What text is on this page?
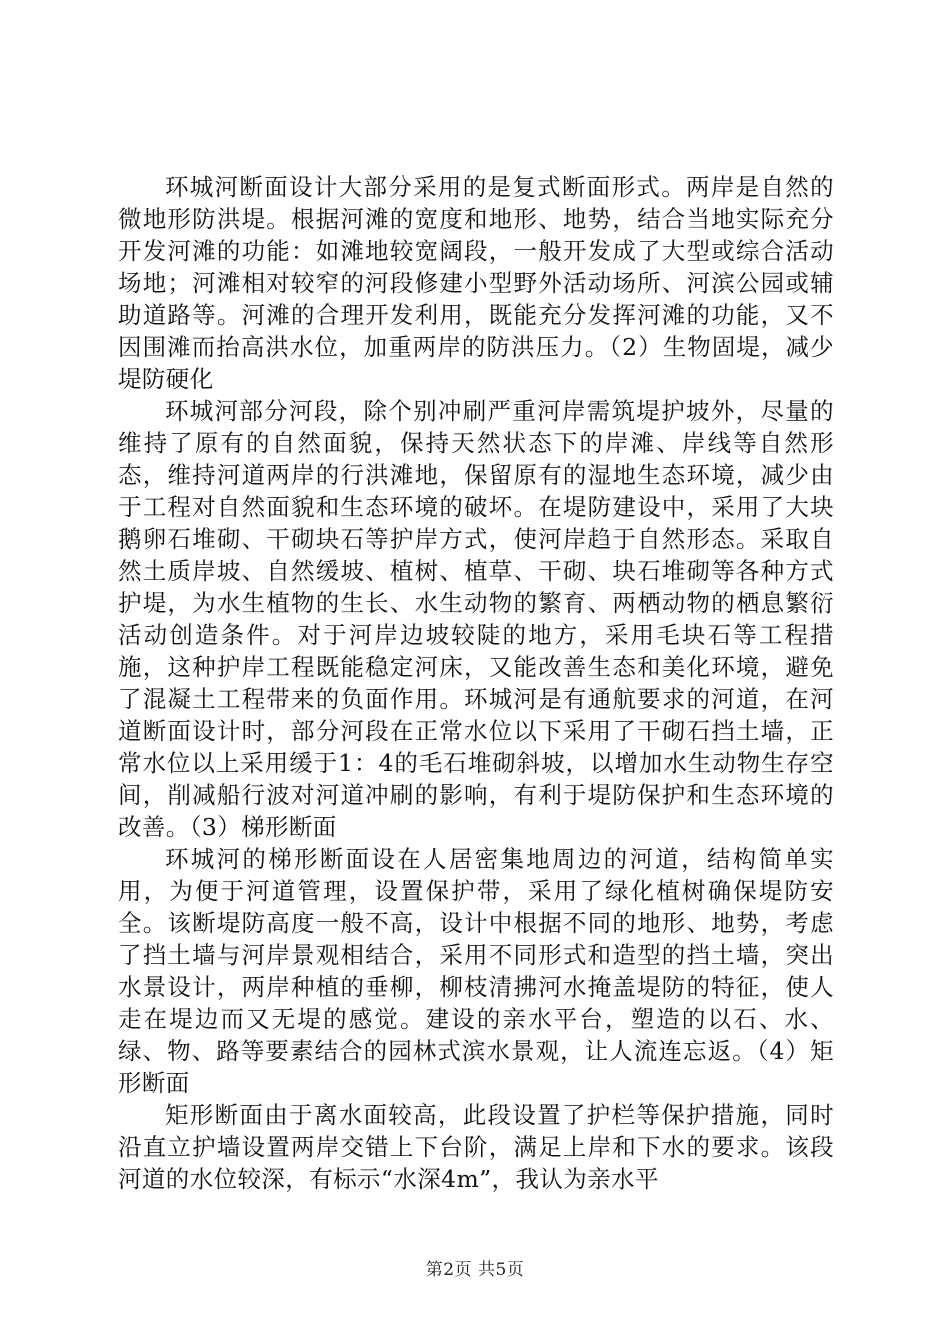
环城河断面设计大部分采用的是复式断面形式。两岸是自然的微地形防洪堤。根据河滩的宽度和地形、地势，结合当地实际充分开发河滩的功能：如滩地较宽阔段，一般开发成了大型或综合活动场地；河滩相对较窄的河段修建小型野外活动场所、河滨公园或辅助道路等。河滩的合理开发利用，既能充分发挥河滩的功能，又不因围滩而抬高洪水位，加重两岸的防洪压力。（2）生物固堤，减少堤防硬化

环城河部分河段，除个别冲刷严重河岸需筑堤护坡外，尽量的维持了原有的自然面貌，保持天然状态下的岸滩、岸线等自然形态，维持河道两岸的行洪滩地，保留原有的湿地生态环境，减少由于工程对自然面貌和生态环境的破坏。在堤防建设中，采用了大块鹅卵石堆砌、干砌块石等护岸方式，使河岸趋于自然形态。采取自然土质岸坡、自然缓坡、植树、植草、干砌、块石堆砌等各种方式护堤，为水生植物的生长、水生动物的繁育、两栖动物的栖息繁衍活动创造条件。对于河岸边坡较陡的地方，采用毛块石等工程措施，这种护岸工程既能稳定河床，又能改善生态和美化环境，避免了混凝土工程带来的负面作用。环城河是有通航要求的河道，在河道断面设计时，部分河段在正常水位以下采用了干砌石挡土墙，正常水位以上采用缓于1：4的毛石堆砌斜坡，以增加水生动物生存空间，削减船行波对河道冲刷的影响，有利于堤防保护和生态环境的改善。（3）梯形断面

环城河的梯形断面设在人居密集地周边的河道，结构简单实用，为便于河道管理，设置保护带，采用了绿化植树确保堤防安全。该断堤防高度一般不高，设计中根据不同的地形、地势，考虑了挡土墙与河岸景观相结合，采用不同形式和造型的挡土墙，突出水景设计，两岸种植的垂柳，柳枝清拂河水掩盖堤防的特征，使人走在堤边而又无堤的感觉。建设的亲水平台，塑造的以石、水、绿、物、路等要素结合的园林式滨水景观，让人流连忘返。（4）矩形断面

矩形断面由于离水面较高，此段设置了护栏等保护措施，同时沿直立护墙设置两岸交错上下台阶，满足上岸和下水的要求。该段河道的水位较深，有标示“水深4m”，我认为亲水平

第2页 共5页
